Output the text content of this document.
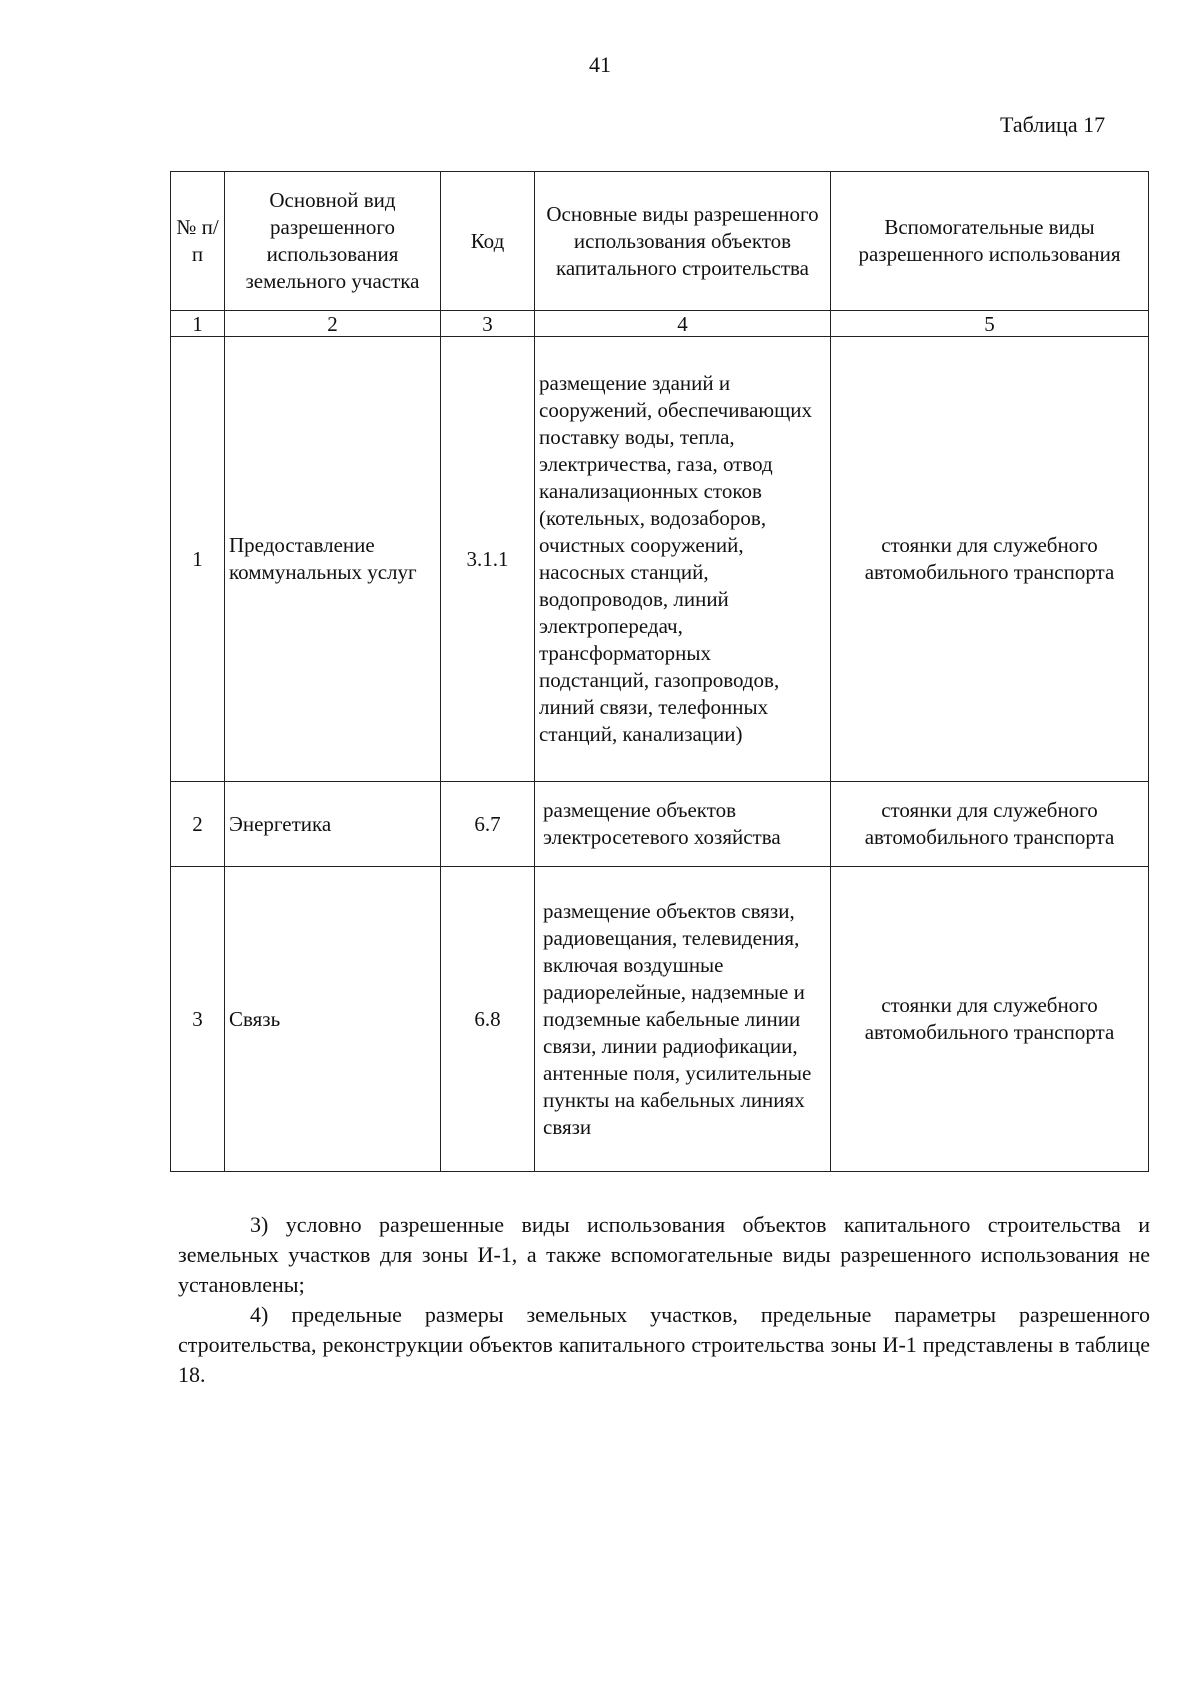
41
Таблица 17
№ п/п	Основной вид разрешенного использования земельного участка	Код	Основные виды разрешенного использования объектов капитального строительства	Вспомогательные виды разрешенного использования
1	2	3	4	5
1	Предоставление коммунальных услуг	3.1.1	размещение зданий и сооружений, обеспечивающих поставку воды, тепла, электричества, газа, отвод канализационных стоков (котельных, водозаборов, очистных сооружений, насосных станций, водопроводов, линий электропередач, трансформаторных подстанций, газопроводов, линий связи, телефонных станций, канализации)	стоянки для служебного автомобильного транспорта
2	Энергетика	6.7	размещение объектов электросетевого хозяйства	стоянки для служебного автомобильного транспорта
3	Связь	6.8	размещение объектов связи, радиовещания, телевидения, включая воздушные радиорелейные, надземные и подземные кабельные линии связи, линии радиофикации, антенные поля, усилительные пункты на кабельных линиях связи	стоянки для служебного автомобильного транспорта

3) условно разрешенные виды использования объектов капитального строительства и земельных участков для зоны И-1, а также вспомогательные виды разрешенного использования не установлены;

4) предельные размеры земельных участков, предельные параметры разрешенного строительства, реконструкции объектов капитального строительства зоны И-1 представлены в таблице 18.
